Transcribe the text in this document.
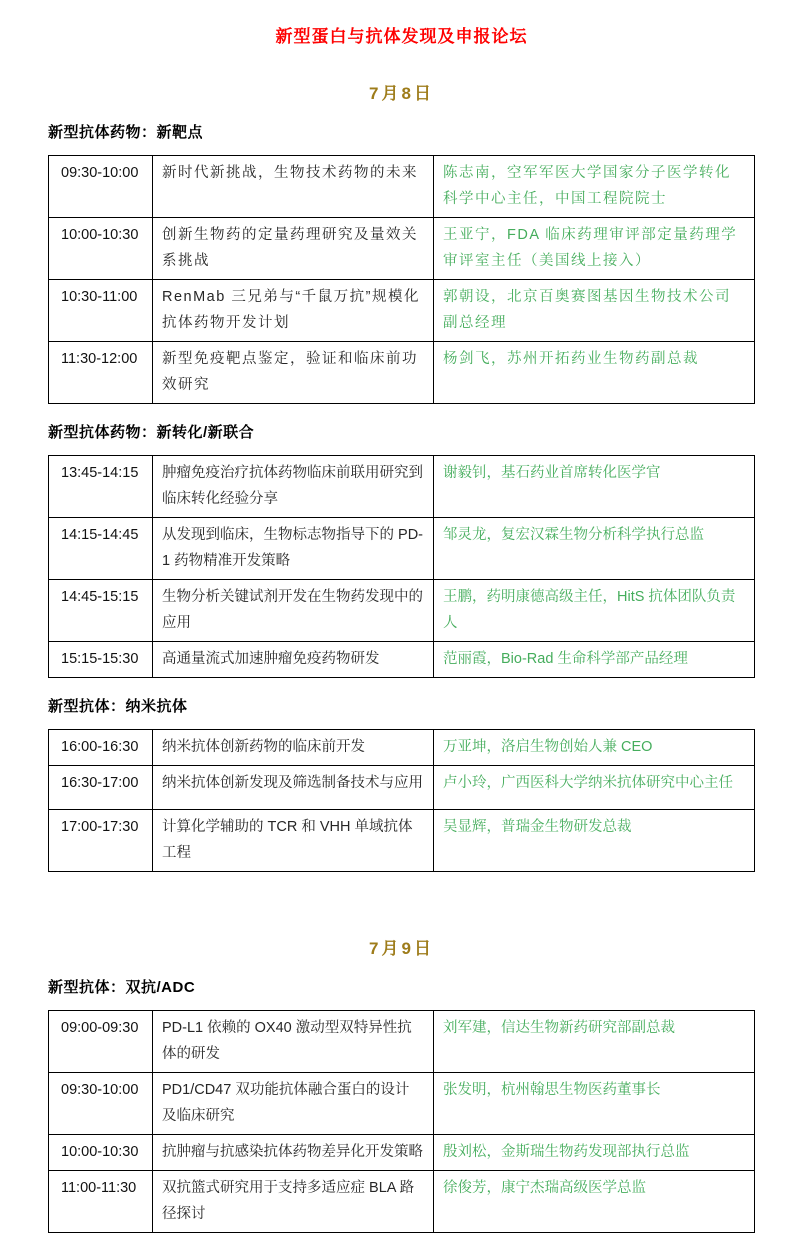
新型蛋白与抗体发现及申报论坛
7月8日
新型抗体药物：新靶点
09:30-10:00	新时代新挑战，生物技术药物的未来	陈志南，空军军医大学国家分子医学转化科学中心主任，中国工程院院士
10:00-10:30	创新生物药的定量药理研究及量效关系挑战	王亚宁，FDA 临床药理审评部定量药理学审评室主任（美国线上接入）
10:30-11:00	RenMab 三兄弟与“千鼠万抗”规模化抗体药物开发计划	郭朝设，北京百奥赛图基因生物技术公司副总经理
11:30-12:00	新型免疫靶点鉴定，验证和临床前功效研究	杨剑飞，苏州开拓药业生物药副总裁
新型抗体药物：新转化/新联合
13:45-14:15	肿瘤免疫治疗抗体药物临床前联用研究到临床转化经验分享	谢毅钊，基石药业首席转化医学官
14:15-14:45	从发现到临床，生物标志物指导下的 PD-1 药物精准开发策略	邹灵龙，复宏汉霖生物分析科学执行总监
14:45-15:15	生物分析关键试剂开发在生物药发现中的应用	王鹏，药明康德高级主任，HitS 抗体团队负责人
15:15-15:30	高通量流式加速肿瘤免疫药物研发	范丽霞，Bio-Rad 生命科学部产品经理
新型抗体：纳米抗体
16:00-16:30	纳米抗体创新药物的临床前开发	万亚坤，洛启生物创始人兼 CEO
16:30-17:00	纳米抗体创新发现及筛选制备技术与应用	卢小玲，广西医科大学纳米抗体研究中心主任
17:00-17:30	计算化学辅助的 TCR 和 VHH 单域抗体工程	吴显辉，普瑞金生物研发总裁
7月9日
新型抗体：双抗/ADC
09:00-09:30	PD-L1 依赖的 OX40 激动型双特异性抗体的研发	刘军建，信达生物新药研究部副总裁
09:30-10:00	PD1/CD47 双功能抗体融合蛋白的设计及临床研究	张发明，杭州翰思生物医药董事长
10:00-10:30	抗肿瘤与抗感染抗体药物差异化开发策略	殷刘松，金斯瑞生物药发现部执行总监
11:00-11:30	双抗篮式研究用于支持多适应症 BLA 路径探讨	徐俊芳，康宁杰瑞高级医学总监
